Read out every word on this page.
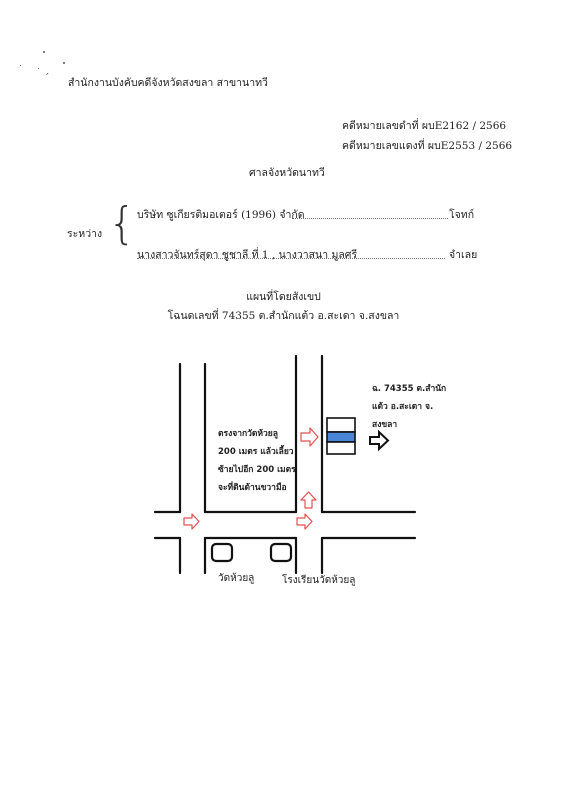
ˊ สำนักงานบังคับคดีจังหวัดสงขลา สาขานาทวี
คดีหมายเลขดำที่ ผบE2162 / 2566
คดีหมายเลขแดงที่ ผบE2553 / 2566
ศาลจังหวัดนาทวี
ระหว่าง { บริษัท ซูเกียรติมอเตอร์ (1996) จำกัด	โจทก์
นางสาวจันทร์สุดา ชูชาลี ที่ 1 , นางวาสนา มูลศรี	จำเลย
แผนที่โดยสังเขป
โฉนดเลขที่ 74355 ต.สำนักแต้ว อ.สะเดา จ.สงขลา
ตรงจากวัดห้วยลู
200 เมตร แล้วเลี้ยว
ซ้ายไปอีก 200 เมตร
จะที่ดินด้านขวามือ
ฉ. 74355 ต.สำนัก
แต้ว อ.สะเดา จ.
สงขลา
วัดห้วยลู	โรงเรียนวัดห้วยลู
